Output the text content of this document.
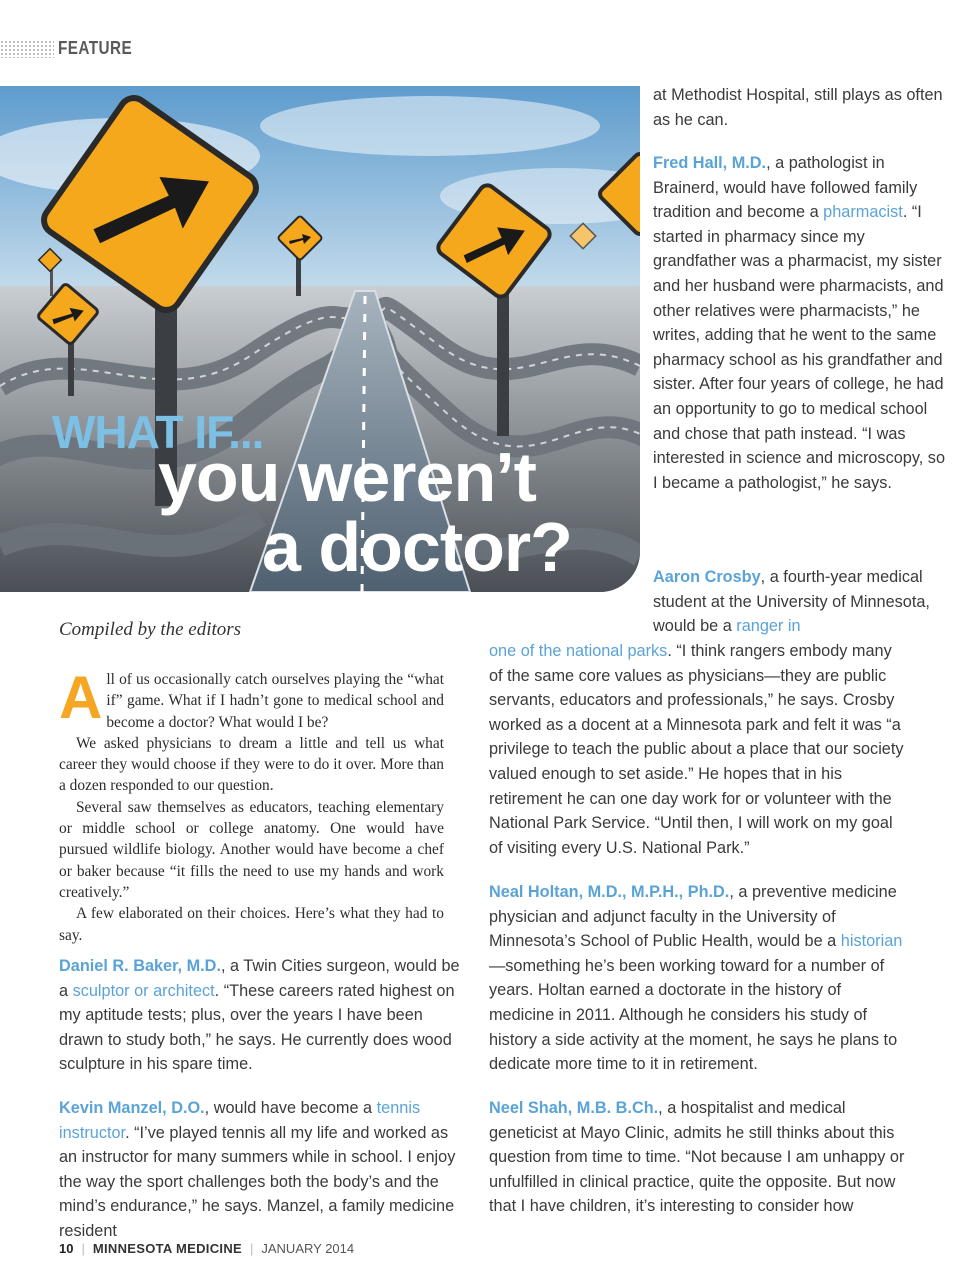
FEATURE
WHAT IF...
you weren’t
a doctor?
Compiled by the editors

All of us occasionally catch ourselves playing the “what if” game. What if I hadn’t gone to medical school and become a doctor? What would I be?

We asked physicians to dream a little and tell us what career they would choose if they were to do it over. More than a dozen responded to our question.

Several saw themselves as educators, teaching elementary or middle school or college anatomy. One would have pursued wildlife biology. Another would have become a chef or baker because “it fills the need to use my hands and work creatively.”

A few elaborated on their choices. Here’s what they had to say.

Daniel R. Baker, M.D., a Twin Cities surgeon, would be a sculptor or architect. “These careers rated highest on my aptitude tests; plus, over the years I have been drawn to study both,” he says. He currently does wood sculpture in his spare time.

Kevin Manzel, D.O., would have become a tennis instructor. “I’ve played tennis all my life and worked as an instructor for many summers while in school. I enjoy the way the sport challenges both the body’s and the mind’s endurance,” he says. Manzel, a family medicine resident

at Methodist Hospital, still plays as often as he can.

Fred Hall, M.D., a pathologist in Brainerd, would have followed family tradition and become a pharmacist. “I started in pharmacy since my grandfather was a pharmacist, my sister and her husband were pharmacists, and other relatives were pharmacists,” he writes, adding that he went to the same pharmacy school as his grandfather and sister. After four years of college, he had an opportunity to go to medical school and chose that path instead. “I was interested in science and microscopy, so I became a pathologist,” he says.

Aaron Crosby, a fourth-year medical student at the University of Minnesota, would be a ranger in

one of the national parks. “I think rangers embody many of the same core values as physicians—they are public servants, educators and professionals,” he says. Crosby worked as a docent at a Minnesota park and felt it was “a privilege to teach the public about a place that our society valued enough to set aside.” He hopes that in his retirement he can one day work for or volunteer with the National Park Service. “Until then, I will work on my goal of visiting every U.S. National Park.”

Neal Holtan, M.D., M.P.H., Ph.D., a preventive medicine physician and adjunct faculty in the University of Minnesota’s School of Public Health, would be a historian—something he’s been working toward for a number of years. Holtan earned a doctorate in the history of medicine in 2011. Although he considers his study of history a side activity at the moment, he says he plans to dedicate more time to it in retirement.

Neel Shah, M.B. B.Ch., a hospitalist and medical geneticist at Mayo Clinic, admits he still thinks about this question from time to time. “Not because I am unhappy or unfulfilled in clinical practice, quite the opposite. But now that I have children, it’s interesting to consider how

10 | MINNESOTA MEDICINE | JANUARY 2014
